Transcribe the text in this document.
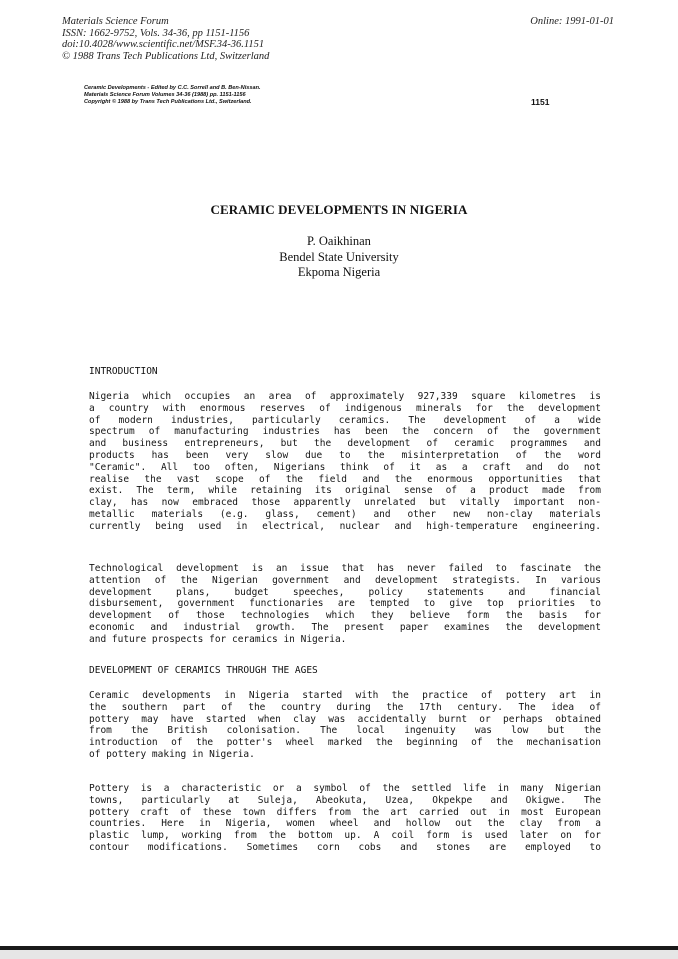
Materials Science Forum
ISSN: 1662-9752, Vols. 34-36, pp 1151-1156
doi:10.4028/www.scientific.net/MSF.34-36.1151
© 1988 Trans Tech Publications Ltd, Switzerland
Online: 1991-01-01
Ceramic Developments - Edited by C.C. Sorrell and B. Ben-Nissan.
Materials Science Forum Volumes 34-36 (1988) pp. 1151-1156
Copyright © 1988 by Trans Tech Publications Ltd., Switzerland.	1151
CERAMIC DEVELOPMENTS IN NIGERIA
P. Oaikhinan
Bendel State University
Ekpoma Nigeria
INTRODUCTION
Nigeria which occupies an area of approximately 927,339 square kilometres is
a country with enormous reserves of indigenous minerals for the development
of modern industries, particularly ceramics. The development of a wide
spectrum of manufacturing industries has been the concern of the government
and business entrepreneurs, but the development of ceramic programmes and
products has been very slow due to the misinterpretation of the word
"Ceramic". All too often, Nigerians think of it as a craft and do not
realise the vast scope of the field and the enormous opportunities that
exist. The term, while retaining its original sense of a product made from
clay, has now embraced those apparently unrelated but vitally important non-
metallic materials (e.g. glass, cement) and other new non-clay materials
currently being used in electrical, nuclear and high-temperature engineering.
Technological development is an issue that has never failed to fascinate the
attention of the Nigerian government and development strategists. In various
development plans, budget speeches, policy statements and financial
disbursement, government functionaries are tempted to give top priorities to
development of those technologies which they believe form the basis for
economic and industrial growth. The present paper examines the development
and future prospects for ceramics in Nigeria.
DEVELOPMENT OF CERAMICS THROUGH THE AGES
Ceramic developments in Nigeria started with the practice of pottery art in
the southern part of the country during the 17th century. The idea of
pottery may have started when clay was accidentally burnt or perhaps obtained
from the British colonisation. The local ingenuity was low but the
introduction of the potter's wheel marked the beginning of the mechanisation
of pottery making in Nigeria.
Pottery is a characteristic or a symbol of the settled life in many Nigerian
towns, particularly at Suleja, Abeokuta, Uzea, Okpekpe and Okigwe. The
pottery craft of these town differs from the art carried out in most European
countries. Here in Nigeria, women wheel and hollow out the clay from a
plastic lump, working from the bottom up. A coil form is used later on for
contour modifications. Sometimes corn cobs and stones are employed to
